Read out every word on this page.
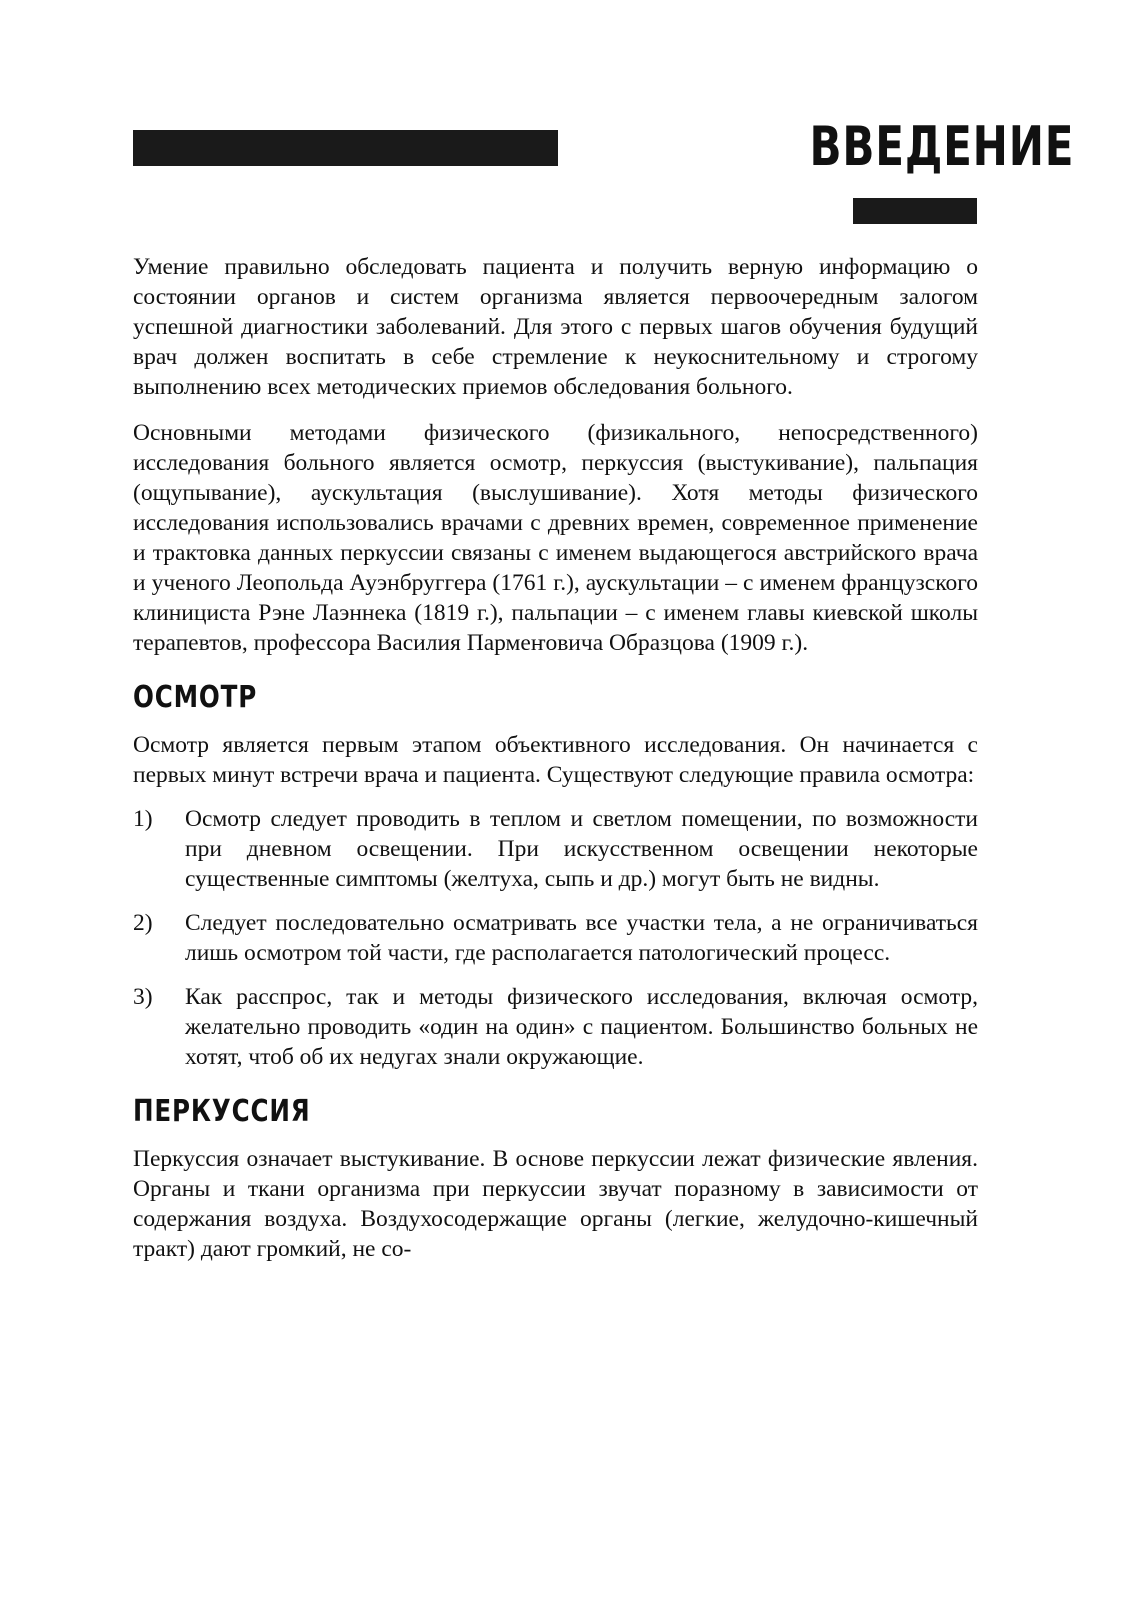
ВВЕДЕНИЕ

Умение правильно обследовать пациента и получить верную информацию о состоянии органов и систем организма является первоочередным залогом успешной диагностики заболеваний. Для этого с первых шагов обучения будущий врач должен воспитать в себе стремление к неукоснительному и строгому выполнению всех методических приемов обследования больного.

Основными методами физического (физикального, непосредственного) исследования больного является осмотр, перкуссия (выстукивание), пальпация (ощупывание), аускультация (выслушивание). Хотя методы физического исследования использовались врачами с древних времен, современное применение и трактовка данных перкуссии связаны с именем выдающегося австрийского врача и ученого Леопольда Ауэнбруггера (1761 г.), аускультации – с именем французского клинициста Рэне Лаэннека (1819 г.), пальпации – с именем главы киевской школы терапевтов, профессора Василия Пармеҥовича Образцова (1909 г.).

ОСМОТР

Осмотр является первым этапом объективного исследования. Он начинается с первых минут встречи врача и пациента. Существуют следующие правила осмотра:

1)	Осмотр следует проводить в теплом и светлом помещении, по возможности при дневном освещении. При искусственном освещении некоторые существенные симптомы (желтуха, сыпь и др.) могут быть не видны.
2)	Следует последовательно осматривать все участки тела, а не ограничиваться лишь осмотром той части, где располагается патологический процесс.
3)	Как расспрос, так и методы физического исследования, включая осмотр, желательно проводить «один на один» с пациентом. Большинство больных не хотят, чтоб об их недугах знали окружающие.
ПЕРКУССИЯ

Перкуссия означает выстукивание. В основе перкуссии лежат физические явления. Органы и ткани организма при перкуссии звучат поразному в зависимости от содержания воздуха. Воздухосодержащие органы (легкие, желудочно-кишечный тракт) дают громкий, не со-
